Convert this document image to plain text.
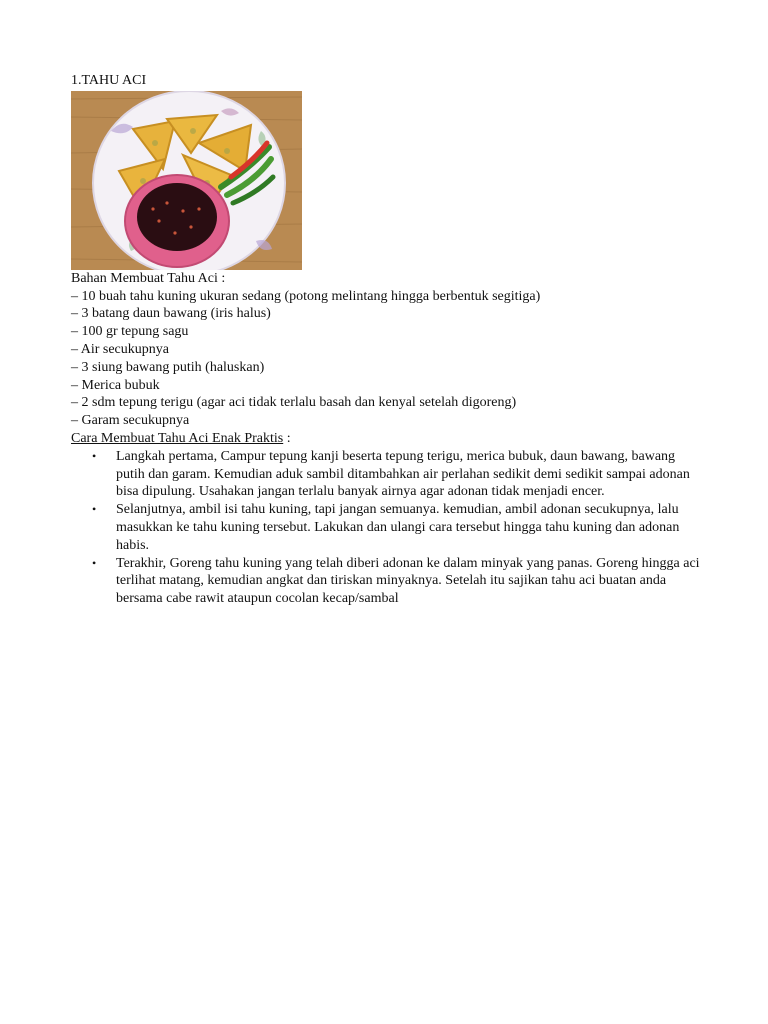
1.TAHU ACI

Bahan Membuat Tahu Aci :

– 10 buah tahu kuning ukuran sedang (potong melintang hingga berbentuk segitiga)
– 3 batang daun bawang (iris halus)
– 100 gr tepung sagu
– Air secukupnya
– 3 siung bawang putih (haluskan)
– Merica bubuk
– 2 sdm tepung terigu (agar aci tidak terlalu basah dan kenyal setelah digoreng)
– Garam secukupnya

Cara Membuat Tahu Aci Enak Praktis :

• Langkah pertama, Campur tepung kanji beserta tepung terigu, merica bubuk, daun bawang, bawang putih dan garam. Kemudian aduk sambil ditambahkan air perlahan sedikit demi sedikit sampai adonan bisa dipulung. Usahakan jangan terlalu banyak airnya agar adonan tidak menjadi encer.
• Selanjutnya, ambil isi tahu kuning, tapi jangan semuanya. kemudian, ambil adonan secukupnya, lalu masukkan ke tahu kuning tersebut. Lakukan dan ulangi cara tersebut hingga tahu kuning dan adonan habis.
• Terakhir, Goreng tahu kuning yang telah diberi adonan ke dalam minyak yang panas. Goreng hingga aci terlihat matang, kemudian angkat dan tiriskan minyaknya. Setelah itu sajikan tahu aci buatan anda bersama cabe rawit ataupun cocolan kecap/sambal
